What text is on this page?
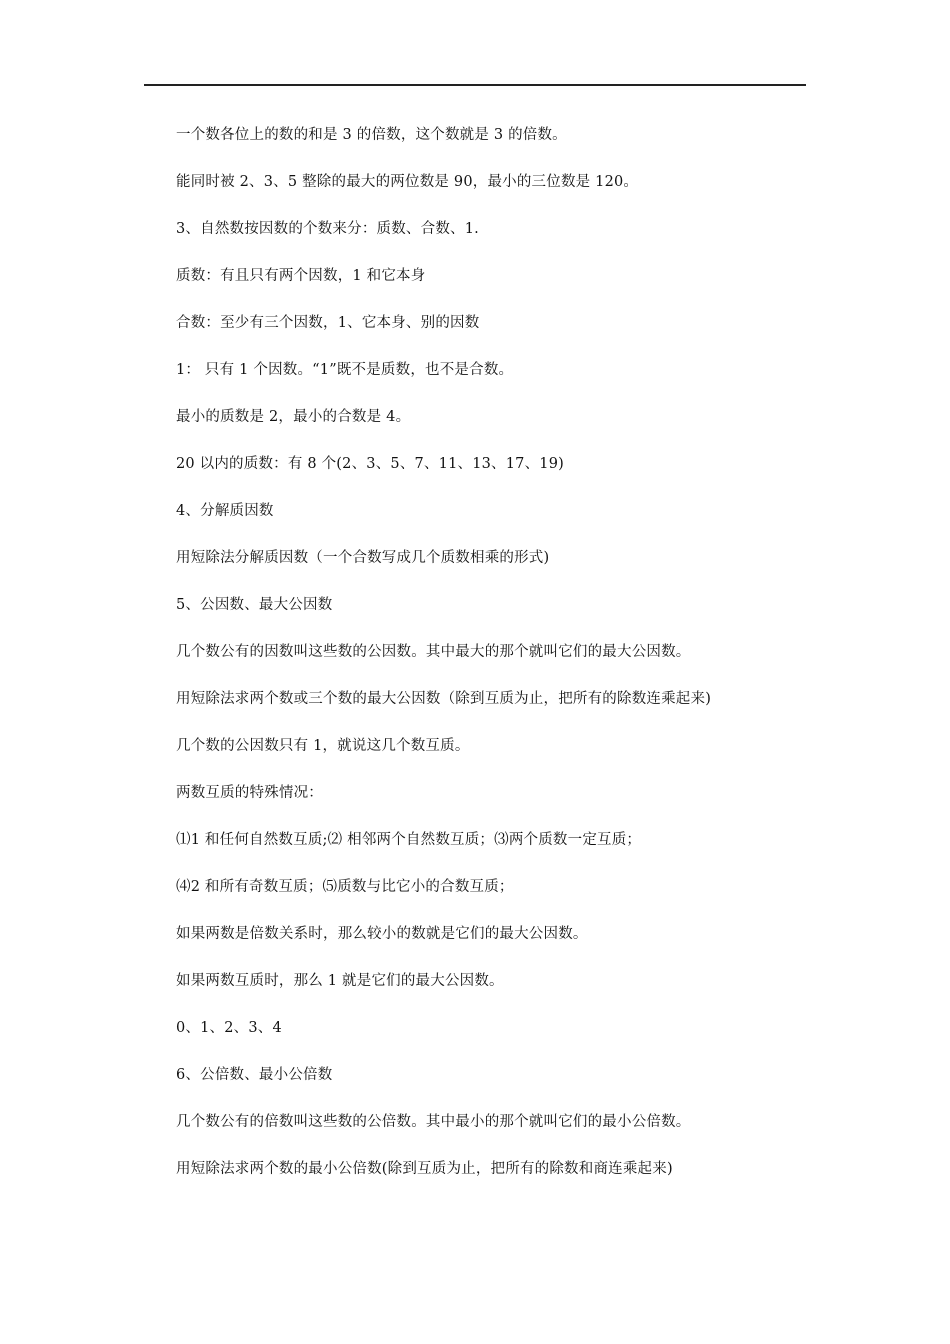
一个数各位上的数的和是 3 的倍数，这个数就是 3 的倍数。
能同时被 2、3、5 整除的最大的两位数是 90，最小的三位数是 120。
3、自然数按因数的个数来分：质数、合数、1.
质数：有且只有两个因数，1 和它本身
合数：至少有三个因数，1、它本身、别的因数
1： 只有 1 个因数。“1”既不是质数，也不是合数。
最小的质数是 2，最小的合数是 4。
20 以内的质数：有 8 个(2、3、5、7、11、13、17、19)
4、分解质因数
用短除法分解质因数（一个合数写成几个质数相乘的形式)
5、公因数、最大公因数
几个数公有的因数叫这些数的公因数。其中最大的那个就叫它们的最大公因数。
用短除法求两个数或三个数的最大公因数（除到互质为止，把所有的除数连乘起来)
几个数的公因数只有 1，就说这几个数互质。
两数互质的特殊情况：
⑴1 和任何自然数互质;⑵ 相邻两个自然数互质；⑶两个质数一定互质；
⑷2 和所有奇数互质；⑸质数与比它小的合数互质；
如果两数是倍数关系时，那么较小的数就是它们的最大公因数。
如果两数互质时，那么 1 就是它们的最大公因数。
0、1、2、3、4
6、公倍数、最小公倍数
几个数公有的倍数叫这些数的公倍数。其中最小的那个就叫它们的最小公倍数。
用短除法求两个数的最小公倍数(除到互质为止，把所有的除数和商连乘起来)
